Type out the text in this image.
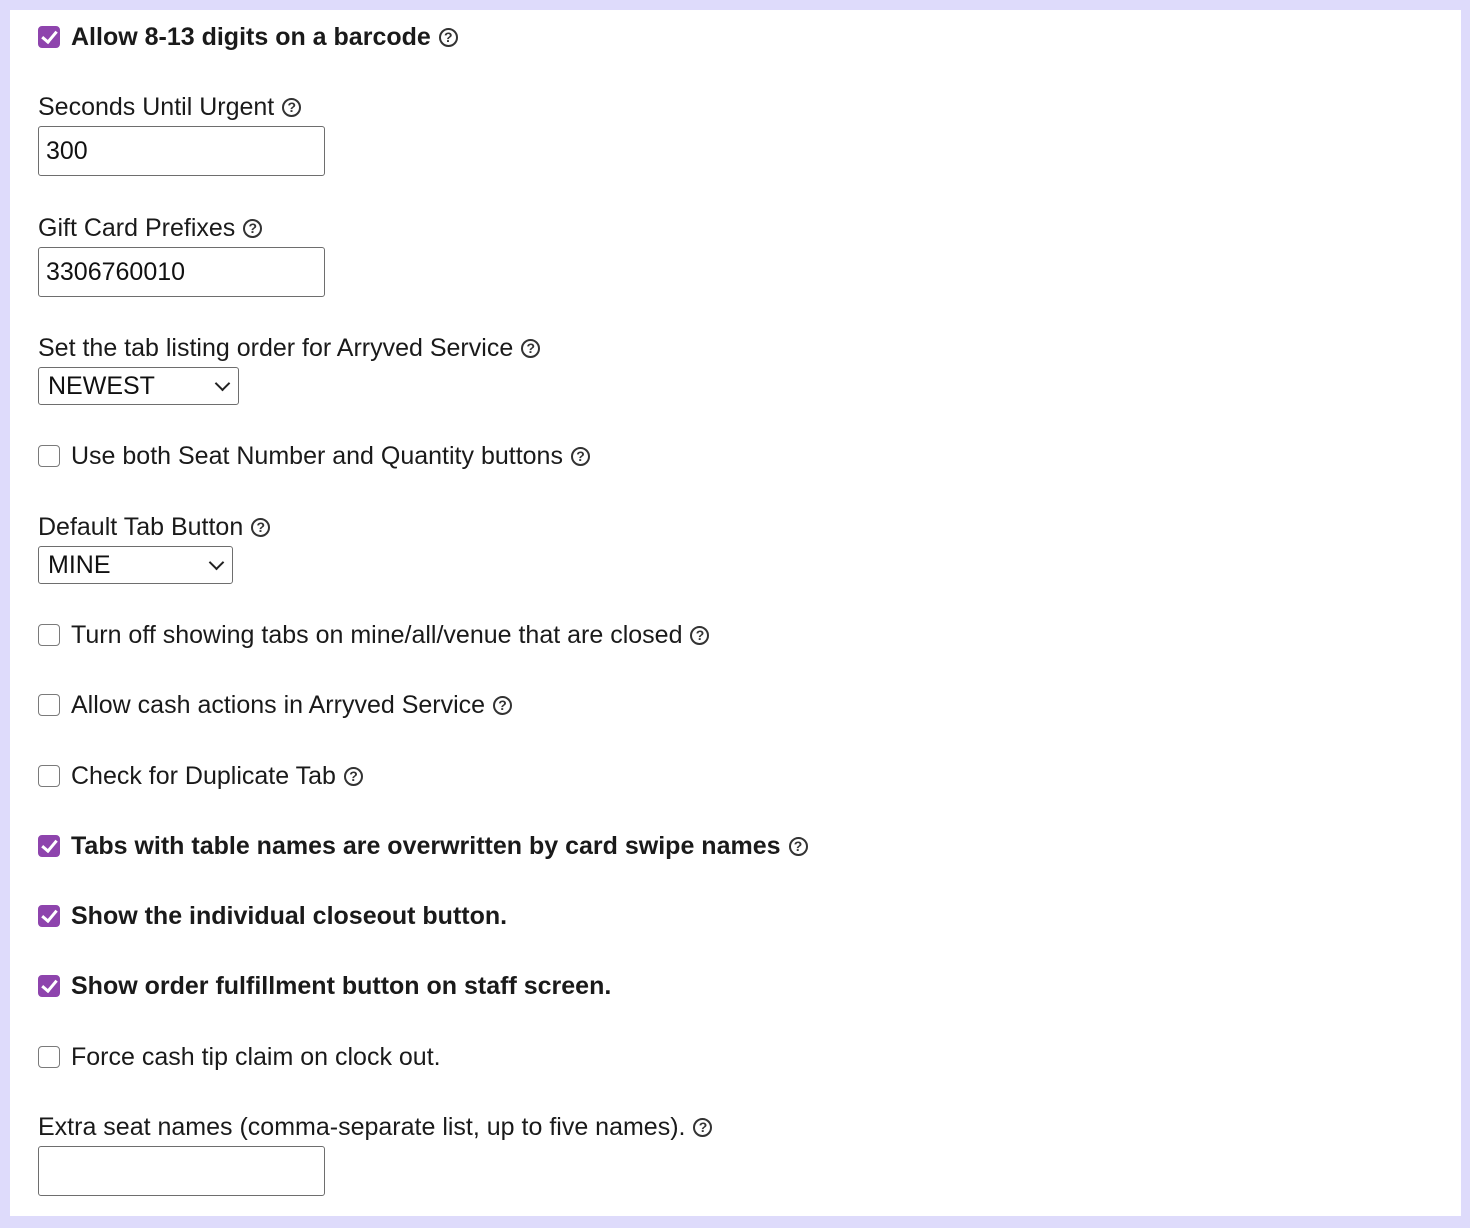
Allow 8-13 digits on a barcode ?
Seconds Until Urgent ?
300
Gift Card Prefixes ?
3306760010
Set the tab listing order for Arryved Service ?
NEWEST
Use both Seat Number and Quantity buttons ?
Default Tab Button ?
MINE
Turn off showing tabs on mine/all/venue that are closed ?
Allow cash actions in Arryved Service ?
Check for Duplicate Tab ?
Tabs with table names are overwritten by card swipe names ?
Show the individual closeout button.
Show order fulfillment button on staff screen.
Force cash tip claim on clock out.
Extra seat names (comma-separate list, up to five names). ?
